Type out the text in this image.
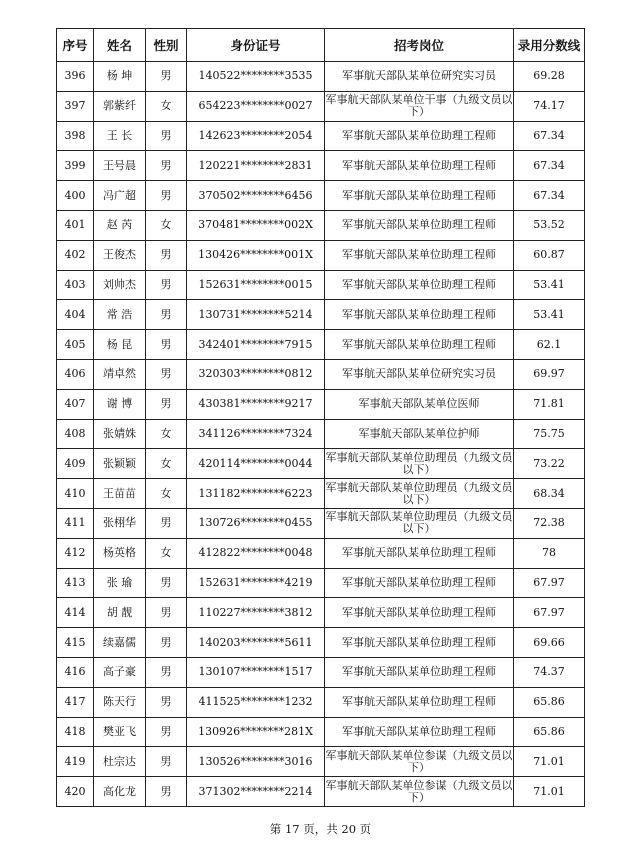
序号	姓名	性别	身份证号	招考岗位	录用分数线
396	杨 坤	男	140522********3535	军事航天部队某单位研究实习员	69.28
397	郭紫纤	女	654223********0027	军事航天部队某单位干事（九级文员以下）	74.17
398	王 长	男	142623********2054	军事航天部队某单位助理工程师	67.34
399	王号晨	男	120221********2831	军事航天部队某单位助理工程师	67.34
400	冯广超	男	370502********6456	军事航天部队某单位助理工程师	67.34
401	赵 芮	女	370481********002X	军事航天部队某单位助理工程师	53.52
402	王俊杰	男	130426********001X	军事航天部队某单位助理工程师	60.87
403	刘帅杰	男	152631********0015	军事航天部队某单位助理工程师	53.41
404	常 浩	男	130731********5214	军事航天部队某单位助理工程师	53.41
405	杨 昆	男	342401********7915	军事航天部队某单位助理工程师	62.1
406	靖卓然	男	320303********0812	军事航天部队某单位研究实习员	69.97
407	谢 博	男	430381********9217	军事航天部队某单位医师	71.81
408	张婧姝	女	341126********7324	军事航天部队某单位护师	75.75
409	张颖颖	女	420114********0044	军事航天部队某单位助理员（九级文员以下）	73.22
410	王苗苗	女	131182********6223	军事航天部队某单位助理员（九级文员以下）	68.34
411	张栩华	男	130726********0455	军事航天部队某单位助理员（九级文员以下）	72.38
412	杨英格	女	412822********0048	军事航天部队某单位助理工程师	78
413	张 瑜	男	152631********4219	军事航天部队某单位助理工程师	67.97
414	胡 靓	男	110227********3812	军事航天部队某单位助理工程师	67.97
415	续嘉儒	男	140203********5611	军事航天部队某单位助理工程师	69.66
416	高子豪	男	130107********1517	军事航天部队某单位助理工程师	74.37
417	陈天行	男	411525********1232	军事航天部队某单位助理工程师	65.86
418	樊亚飞	男	130926********281X	军事航天部队某单位助理工程师	65.86
419	杜宗达	男	130526********3016	军事航天部队某单位参谋（九级文员以下）	71.01
420	高化龙	男	371302********2214	军事航天部队某单位参谋（九级文员以下）	71.01
第 17 页，共 20 页
